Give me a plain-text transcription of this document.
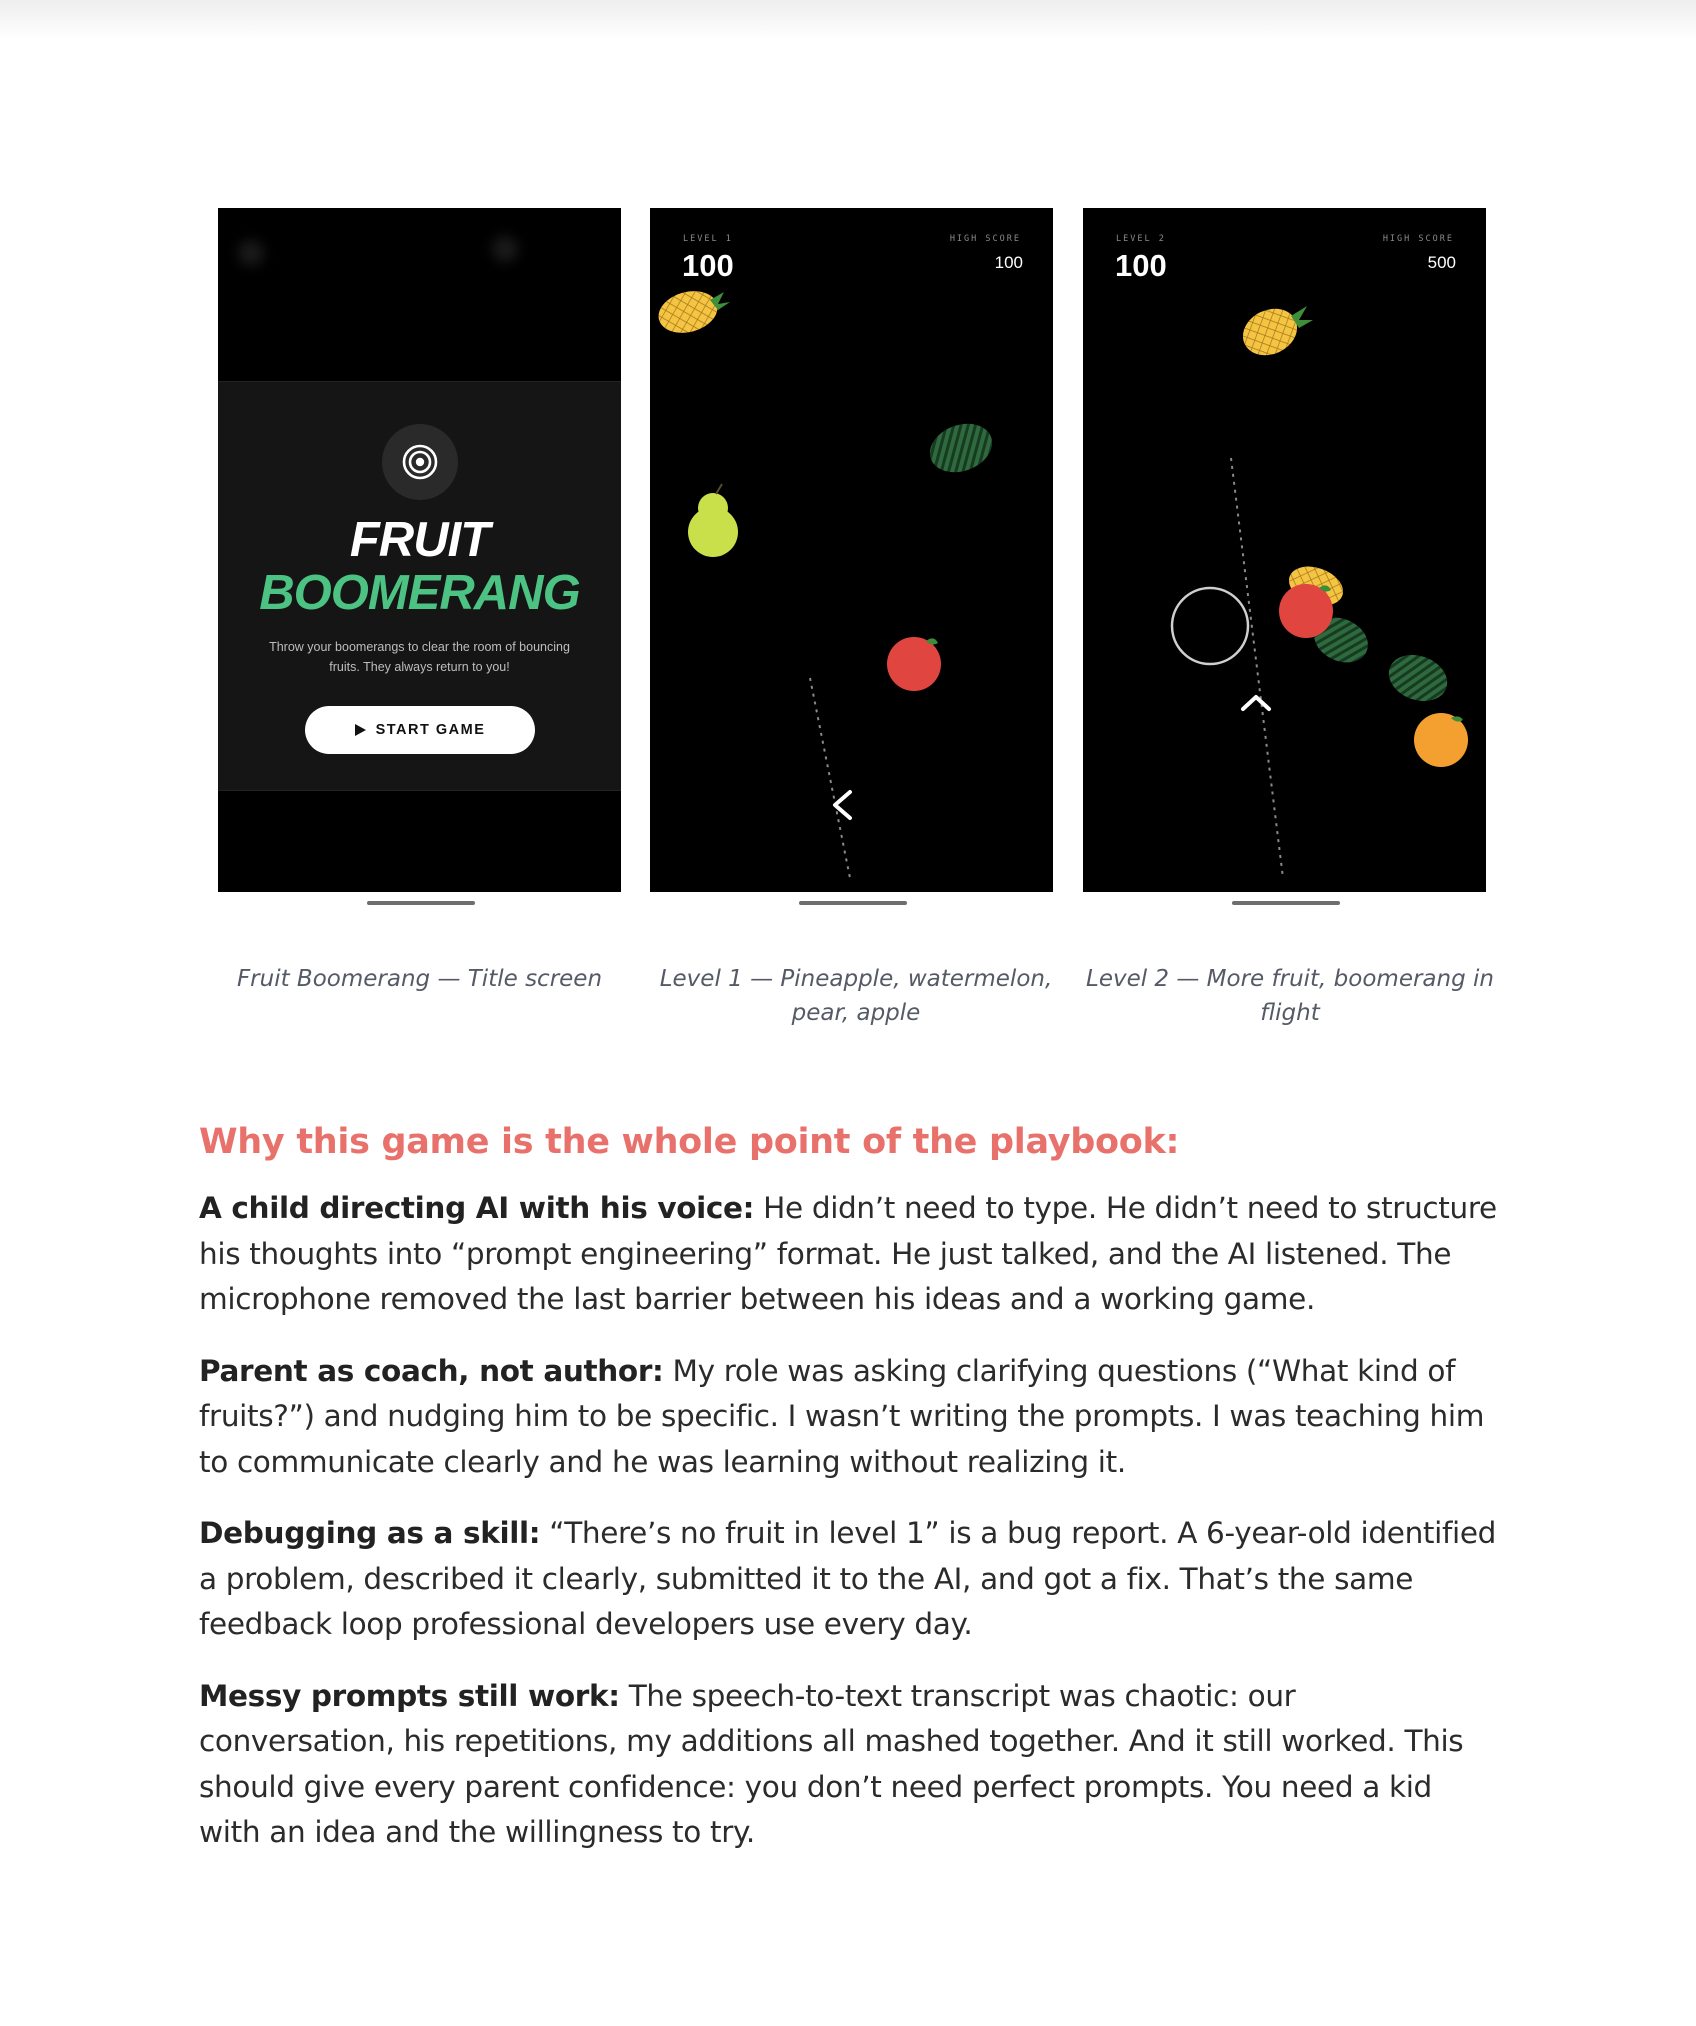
FRUIT
BOOMERANG
Throw your boomerangs to clear the room of bouncing fruits. They always return to you!
START GAME
Fruit Boomerang — Title screen
LEVEL 1
100
HIGH SCORE
100
Level 1 — Pineapple, watermelon, pear, apple
LEVEL 2
100
HIGH SCORE
500
Level 2 — More fruit, boomerang in flight
Why this game is the whole point of the playbook:

A child directing AI with his voice: He didn’t need to type. He didn’t need to structure his thoughts into “prompt engineering” format. He just talked, and the AI listened. The microphone removed the last barrier between his ideas and a working game.

Parent as coach, not author: My role was asking clarifying questions (“What kind of fruits?”) and nudging him to be specific. I wasn’t writing the prompts. I was teaching him to communicate clearly and he was learning without realizing it.

Debugging as a skill: “There’s no fruit in level 1” is a bug report. A 6-year-old identified a problem, described it clearly, submitted it to the AI, and got a fix. That’s the same feedback loop professional developers use every day.

Messy prompts still work: The speech-to-text transcript was chaotic: our conversation, his repetitions, my additions all mashed together. And it still worked. This should give every parent confidence: you don’t need perfect prompts. You need a kid with an idea and the willingness to try.
